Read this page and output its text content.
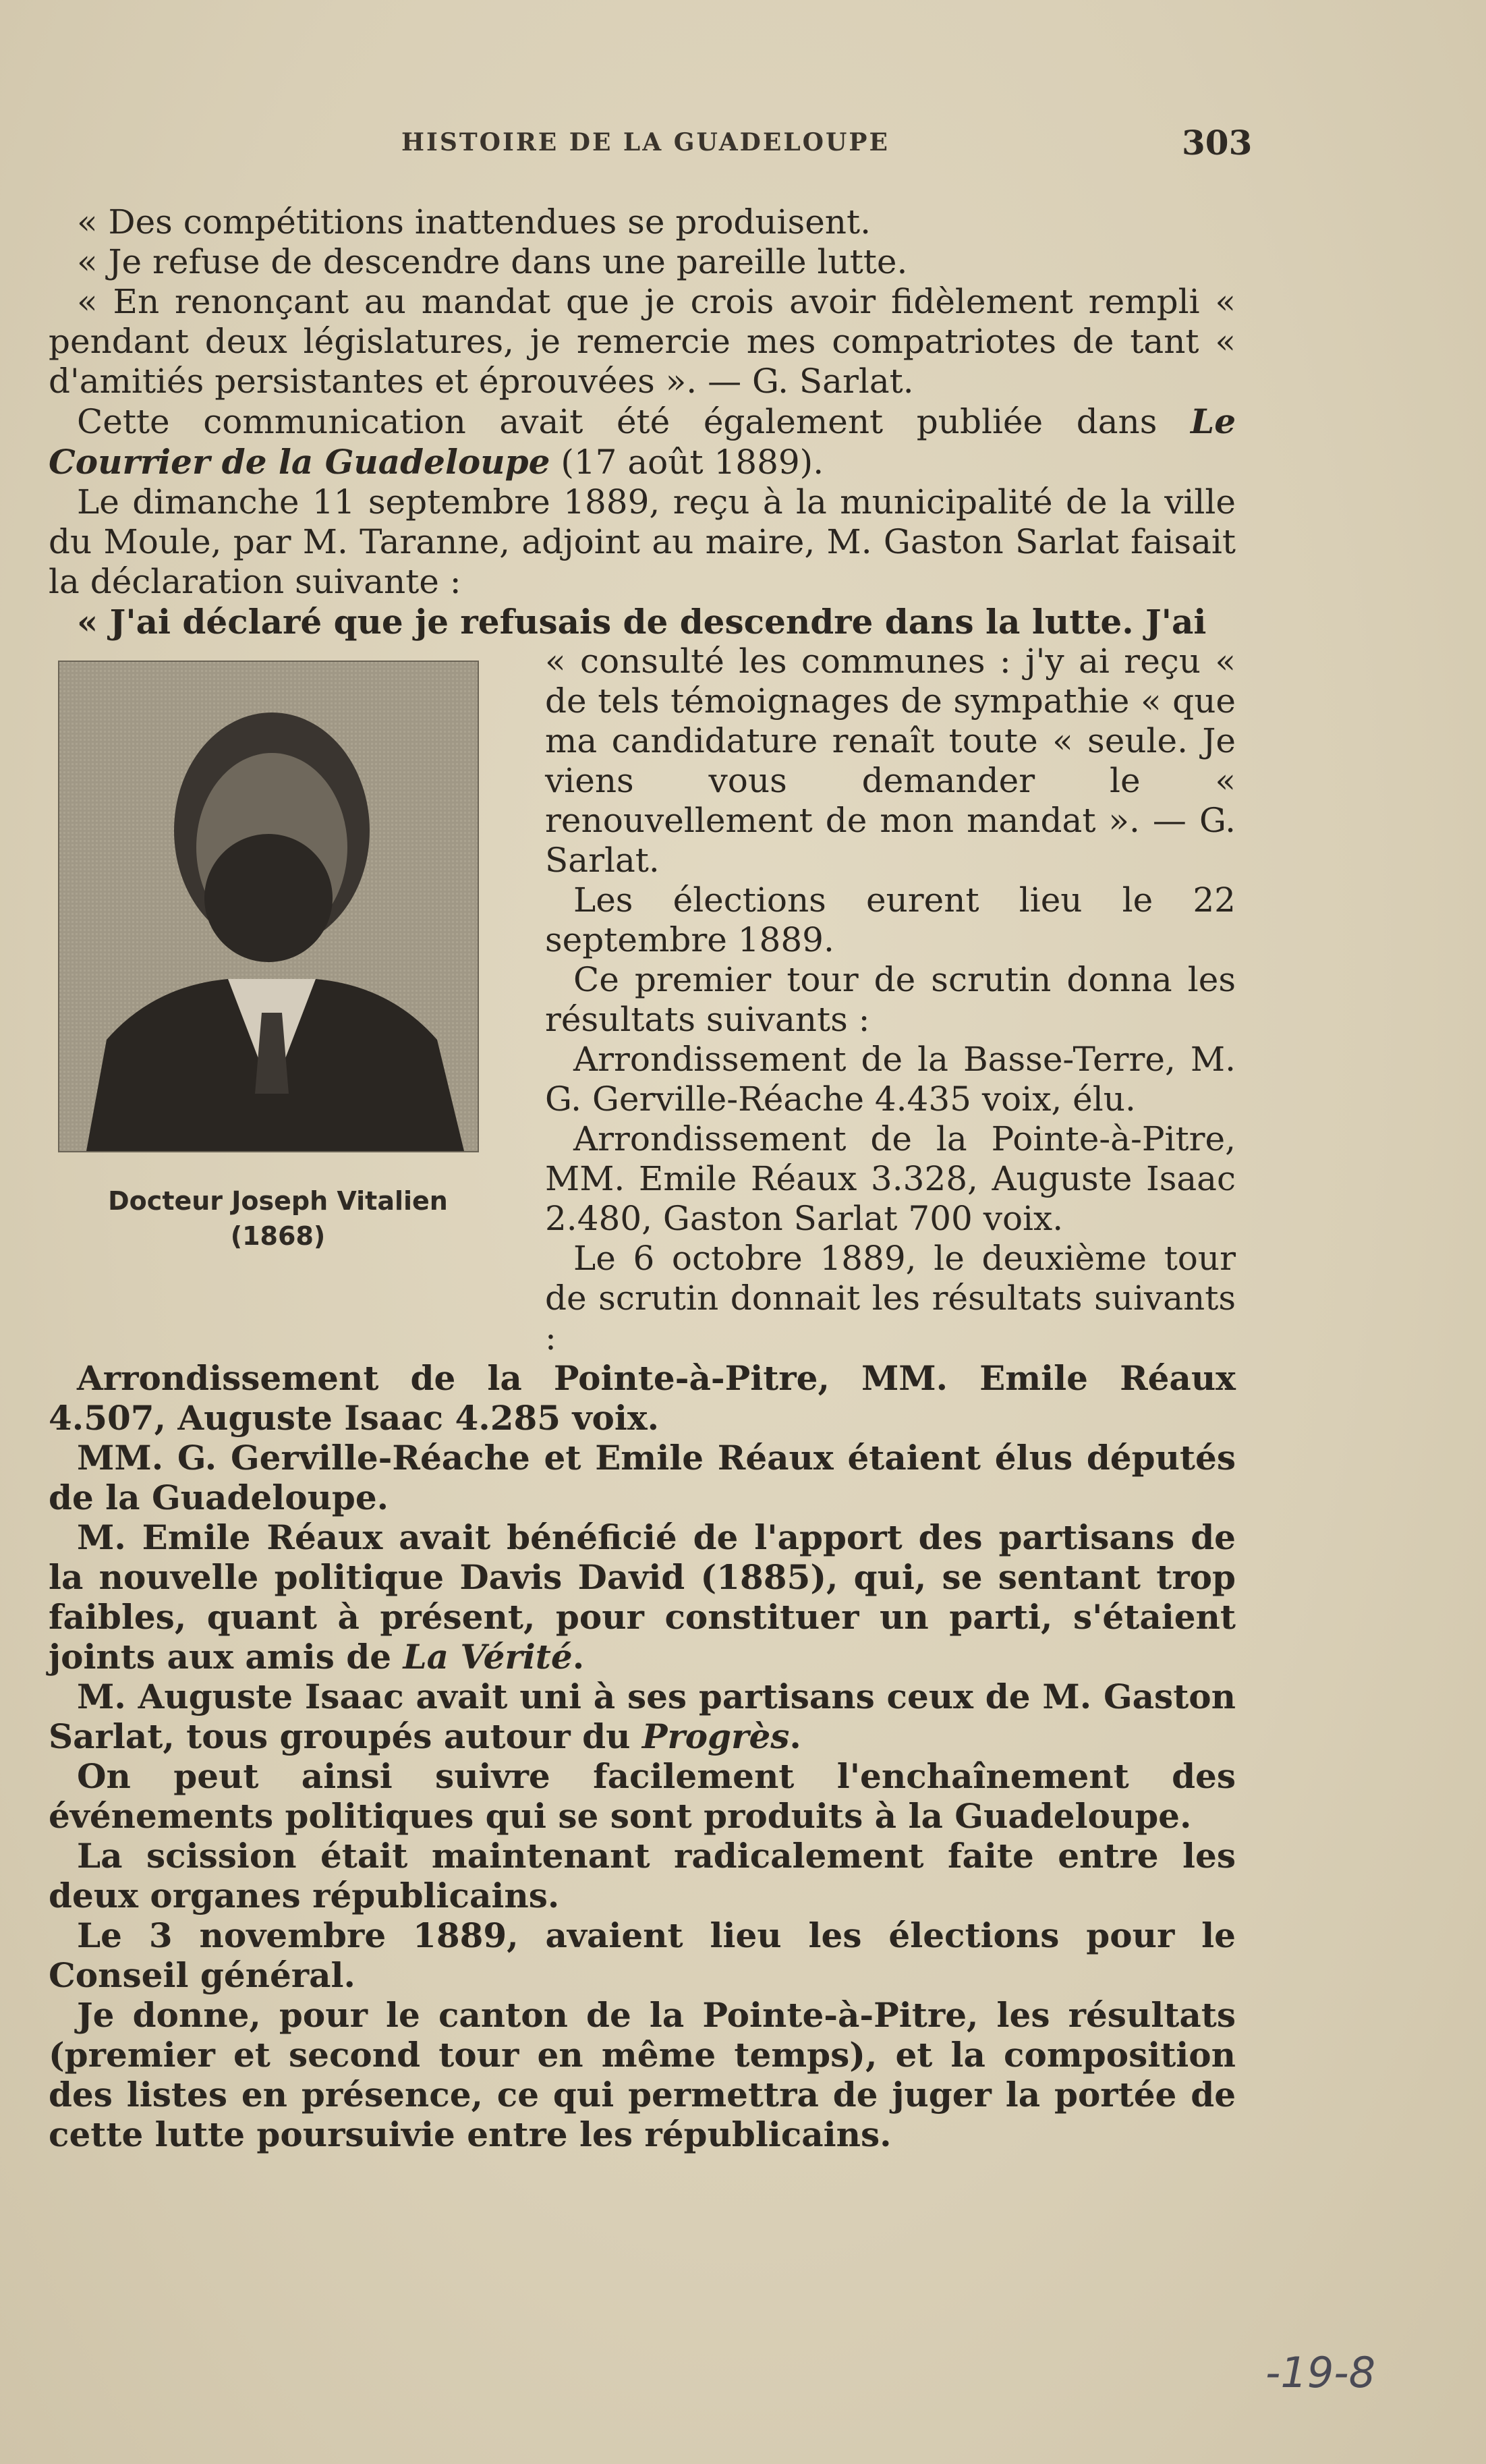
HISTOIRE DE LA GUADELOUPE	303

« Des compétitions inattendues se produisent.

« Je refuse de descendre dans une pareille lutte.

« En renonçant au mandat que je crois avoir fidèlement rempli « pendant deux législatures, je remercie mes compatriotes de tant « d'amitiés persistantes et éprouvées ». — G. Sarlat.

Cette communication avait été également publiée dans Le Courrier de la Guadeloupe (17 août 1889).

Le dimanche 11 septembre 1889, reçu à la municipalité de la ville du Moule, par M. Taranne, adjoint au maire, M. Gaston Sarlat faisait la déclaration suivante :

« J'ai déclaré que je refusais de descendre dans la lutte. J'ai

Docteur Joseph Vitalien
(1868)

« consulté les communes : j'y ai reçu « de tels témoignages de sympathie « que ma candidature renaît toute « seule. Je viens vous demander le « renouvellement de mon mandat ». — G. Sarlat.

Les élections eurent lieu le 22 septembre 1889.

Ce premier tour de scrutin donna les résultats suivants :

Arrondissement de la Basse-Terre, M. G. Gerville-Réache 4.435 voix, élu.

Arrondissement de la Pointe-à-Pitre, MM. Emile Réaux 3.328, Auguste Isaac 2.480, Gaston Sarlat 700 voix.

Le 6 octobre 1889, le deuxième tour de scrutin donnait les résultats suivants :

Arrondissement de la Pointe-à-Pitre, MM. Emile Réaux 4.507, Auguste Isaac 4.285 voix.

MM. G. Gerville-Réache et Emile Réaux étaient élus députés de la Guadeloupe.

M. Emile Réaux avait bénéficié de l'apport des partisans de la nouvelle politique Davis David (1885), qui, se sentant trop faibles, quant à présent, pour constituer un parti, s'étaient joints aux amis de La Vérité.

M. Auguste Isaac avait uni à ses partisans ceux de M. Gaston Sarlat, tous groupés autour du Progrès.

On peut ainsi suivre facilement l'enchaînement des événements politiques qui se sont produits à la Guadeloupe.

La scission était maintenant radicalement faite entre les deux organes républicains.

Le 3 novembre 1889, avaient lieu les élections pour le Conseil général.

Je donne, pour le canton de la Pointe-à-Pitre, les résultats (premier et second tour en même temps), et la composition des listes en présence, ce qui permettra de juger la portée de cette lutte poursuivie entre les républicains.

-19-8
